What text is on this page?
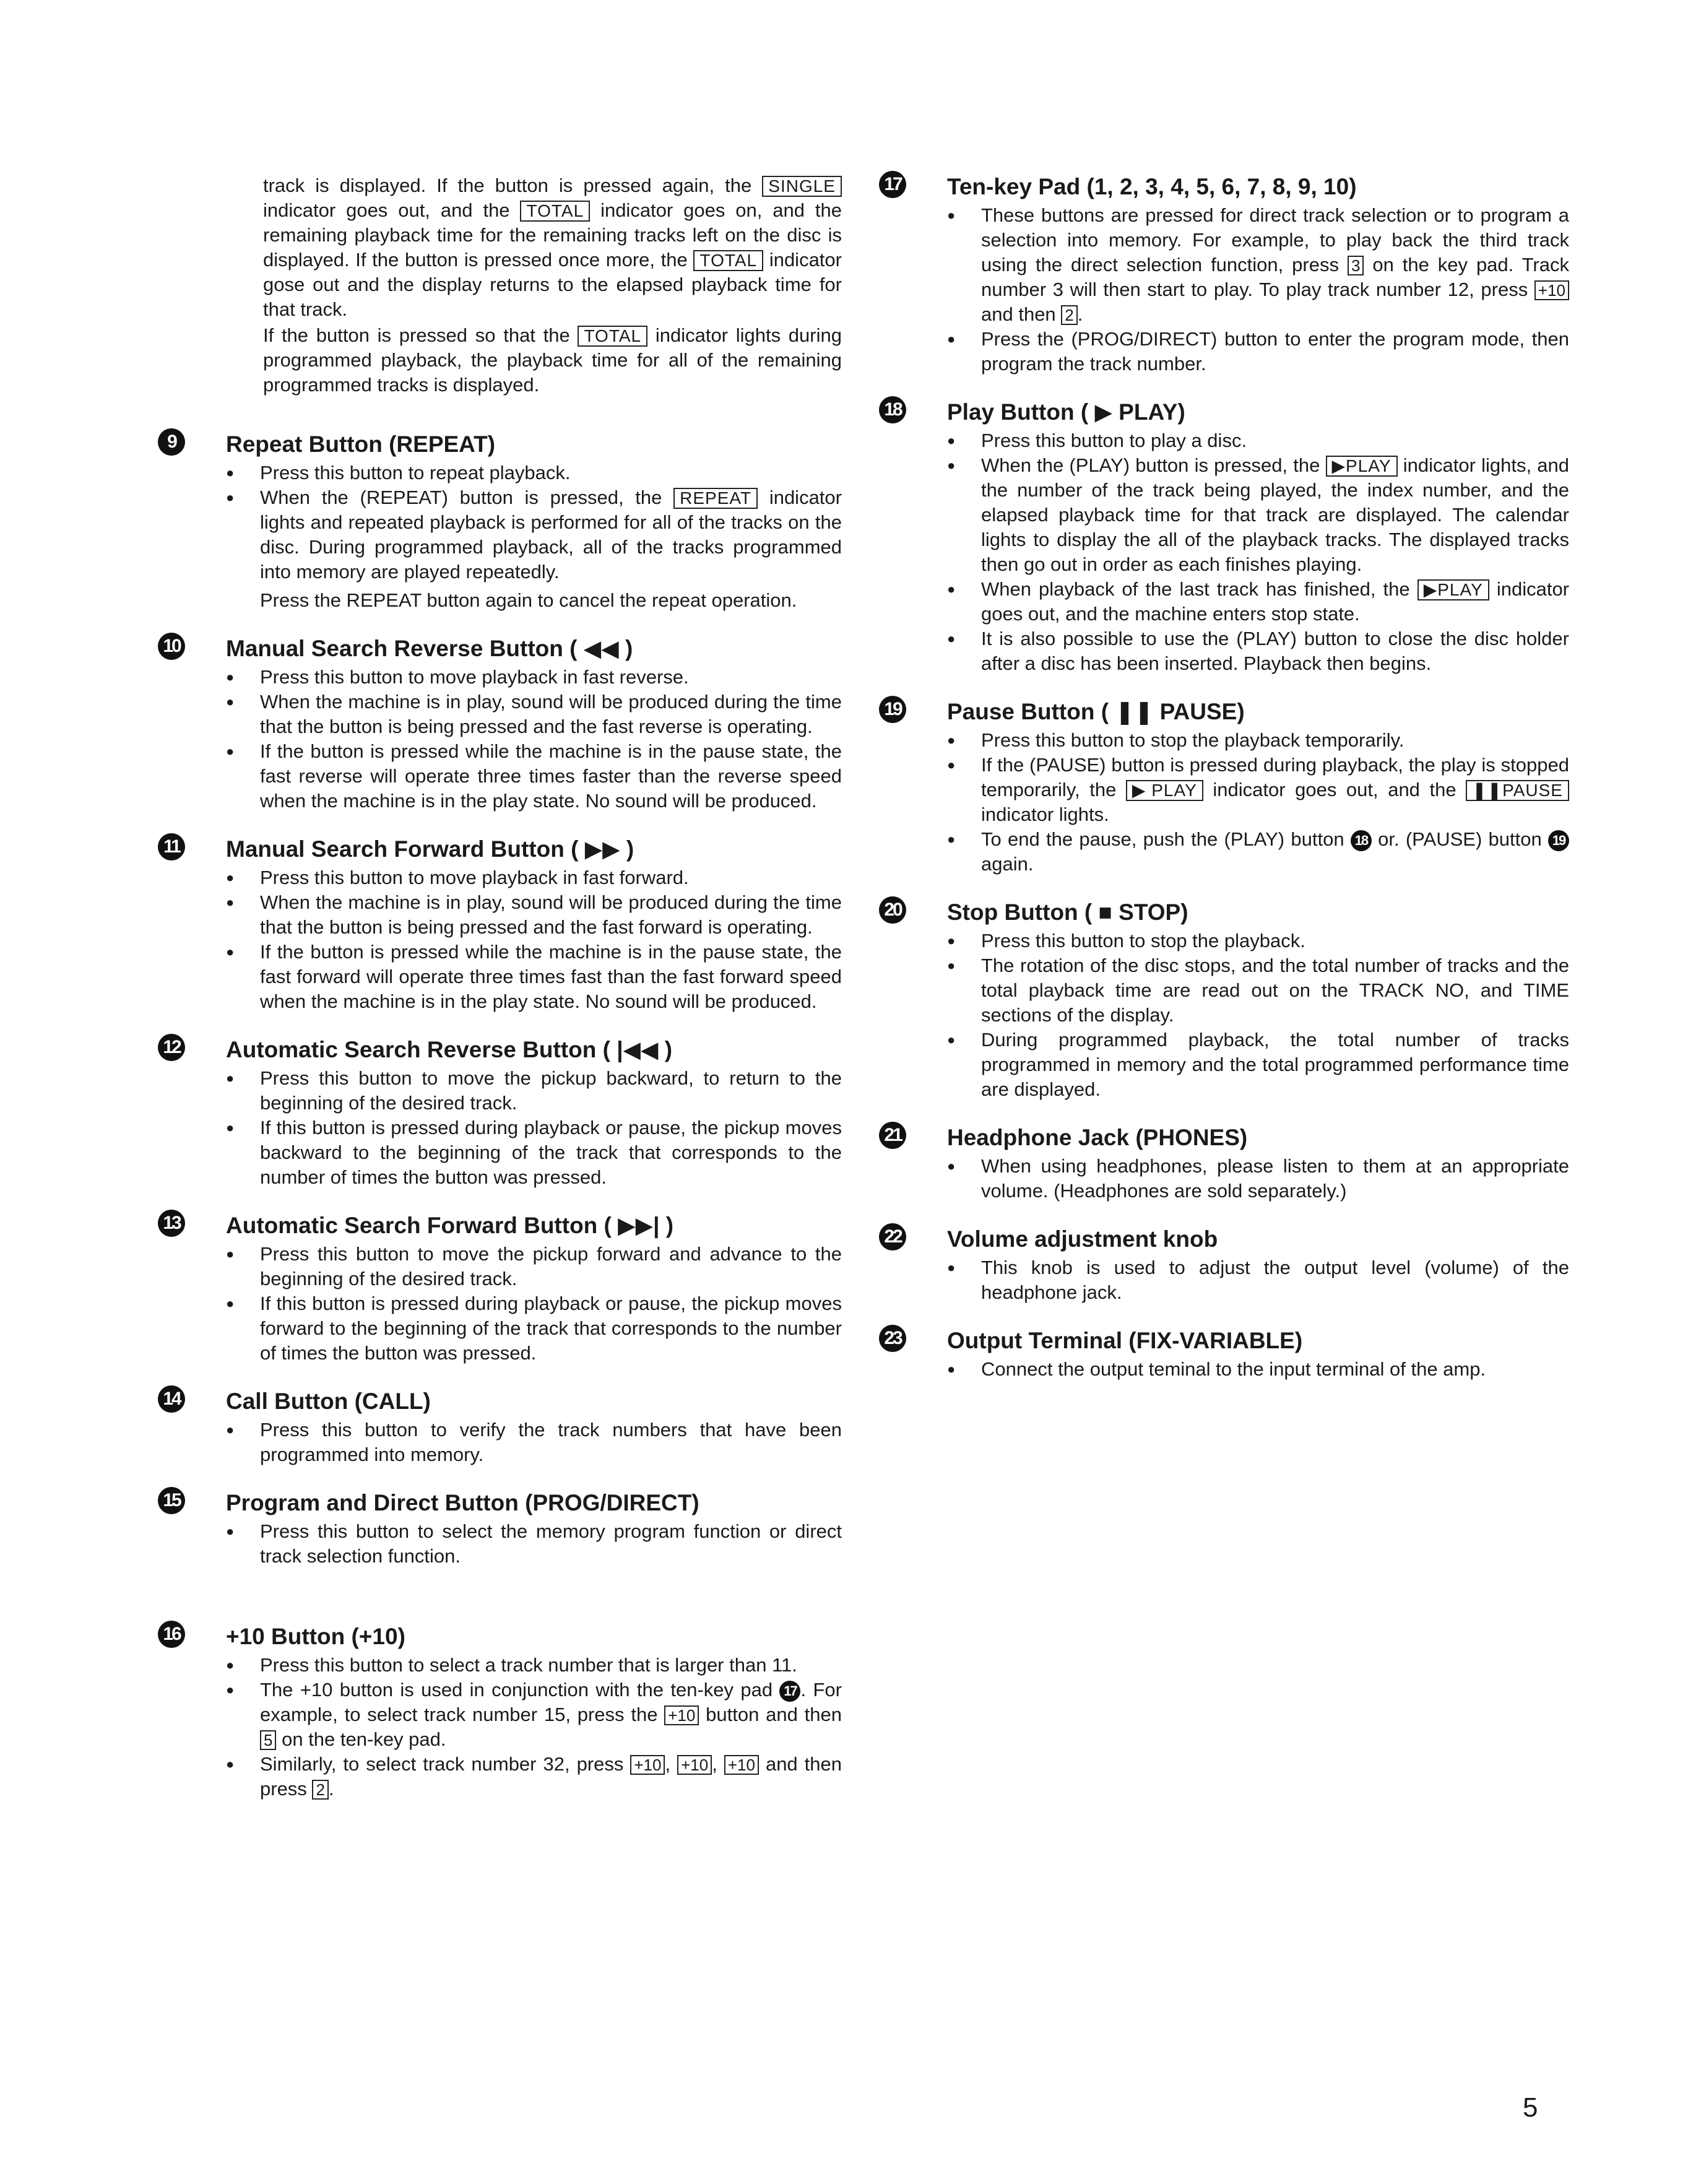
track is displayed. If the button is pressed again, the SINGLE indicator goes out, and the TOTAL indicator goes on, and the remaining playback time for the remaining tracks left on the disc is displayed. If the button is pressed once more, the TOTAL indicator gose out and the display returns to the elapsed playback time for that track.

If the button is pressed so that the TOTAL indicator lights during programmed playback, the playback time for all of the remaining programmed tracks is displayed.

9	Repeat Button (REPEAT)
● Press this button to repeat playback.
● When the (REPEAT) button is pressed, the REPEAT indicator lights and repeated playback is performed for all of the tracks on the disc. During programmed playback, all of the tracks programmed into memory are played repeatedly.

Press the REPEAT button again to cancel the repeat operation.

10 Manual Search Reverse Button ( ◀◀ )
● Press this button to move playback in fast reverse.
● When the machine is in play, sound will be produced during the time that the button is being pressed and the fast reverse is operating.
● If the button is pressed while the machine is in the pause state, the fast reverse will operate three times faster than the reverse speed when the machine is in the play state. No sound will be produced.
11 Manual Search Forward Button ( ▶▶ )
● Press this button to move playback in fast forward.
● When the machine is in play, sound will be produced during the time that the button is being pressed and the fast forward is operating.
● If the button is pressed while the machine is in the pause state, the fast forward will operate three times fast than the fast forward speed when the machine is in the play state. No sound will be produced.
12 Automatic Search Reverse Button ( |◀◀ )
● Press this button to move the pickup backward, to return to the beginning of the desired track.
● If this button is pressed during playback or pause, the pickup moves backward to the beginning of the track that corresponds to the number of times the button was pressed.
13 Automatic Search Forward Button ( ▶▶| )
● Press this button to move the pickup forward and advance to the beginning of the desired track.
● If this button is pressed during playback or pause, the pickup moves forward to the beginning of the track that corresponds to the number of times the button was pressed.
14 Call Button (CALL)
● Press this button to verify the track numbers that have been programmed into memory.
15 Program and Direct Button (PROG/DIRECT)
● Press this button to select the memory program function or direct track selection function.
16 +10 Button (+10)
● Press this button to select a track number that is larger than 11.
● The +10 button is used in conjunction with the ten-key pad 17 . For example, to select track number 15, press the +10 button and then 5 on the ten-key pad.
● Similarly, to select track number 32, press +10 , +10 , +10 and then press 2 .
17 Ten-key Pad (1, 2, 3, 4, 5, 6, 7, 8, 9, 10)
● These buttons are pressed for direct track selection or to program a selection into memory. For example, to play back the third track using the direct selection function, press 3 on the key pad. Track number 3 will then start to play. To play track number 12, press +10 and then 2 .
● Press the (PROG/DIRECT) button to enter the program mode, then program the track number.
18 Play Button ( ▶ PLAY)
● Press this button to play a disc.
● When the (PLAY) button is pressed, the ▶PLAY indicator lights, and the number of the track being played, the index number, and the elapsed playback time for that track are displayed. The calendar lights to display the all of the playback tracks. The displayed tracks then go out in order as each finishes playing.
● When playback of the last track has finished, the ▶PLAY indicator goes out, and the machine enters stop state.
● It is also possible to use the (PLAY) button to close the disc holder after a disc has been inserted. Playback then begins.
19 Pause Button ( ❚❚ PAUSE)
● Press this button to stop the playback temporarily.
● If the (PAUSE) button is pressed during playback, the play is stopped temporarily, the ▶ PLAY indicator goes out, and the ❚❚PAUSE indicator lights.
● To end the pause, push the (PLAY) button 18 or. (PAUSE) button 19 again.
20 Stop Button ( ■ STOP)
● Press this button to stop the playback.
● The rotation of the disc stops, and the total number of tracks and the total playback time are read out on the TRACK NO, and TIME sections of the display.
● During programmed playback, the total number of tracks programmed in memory and the total programmed performance time are displayed.
21 Headphone Jack (PHONES)
● When using headphones, please listen to them at an appropriate volume. (Headphones are sold separately.)
22 Volume adjustment knob
● This knob is used to adjust the output level (volume) of the headphone jack.
23 Output Terminal (FIX-VARIABLE)
● Connect the output teminal to the input terminal of the amp.
5
